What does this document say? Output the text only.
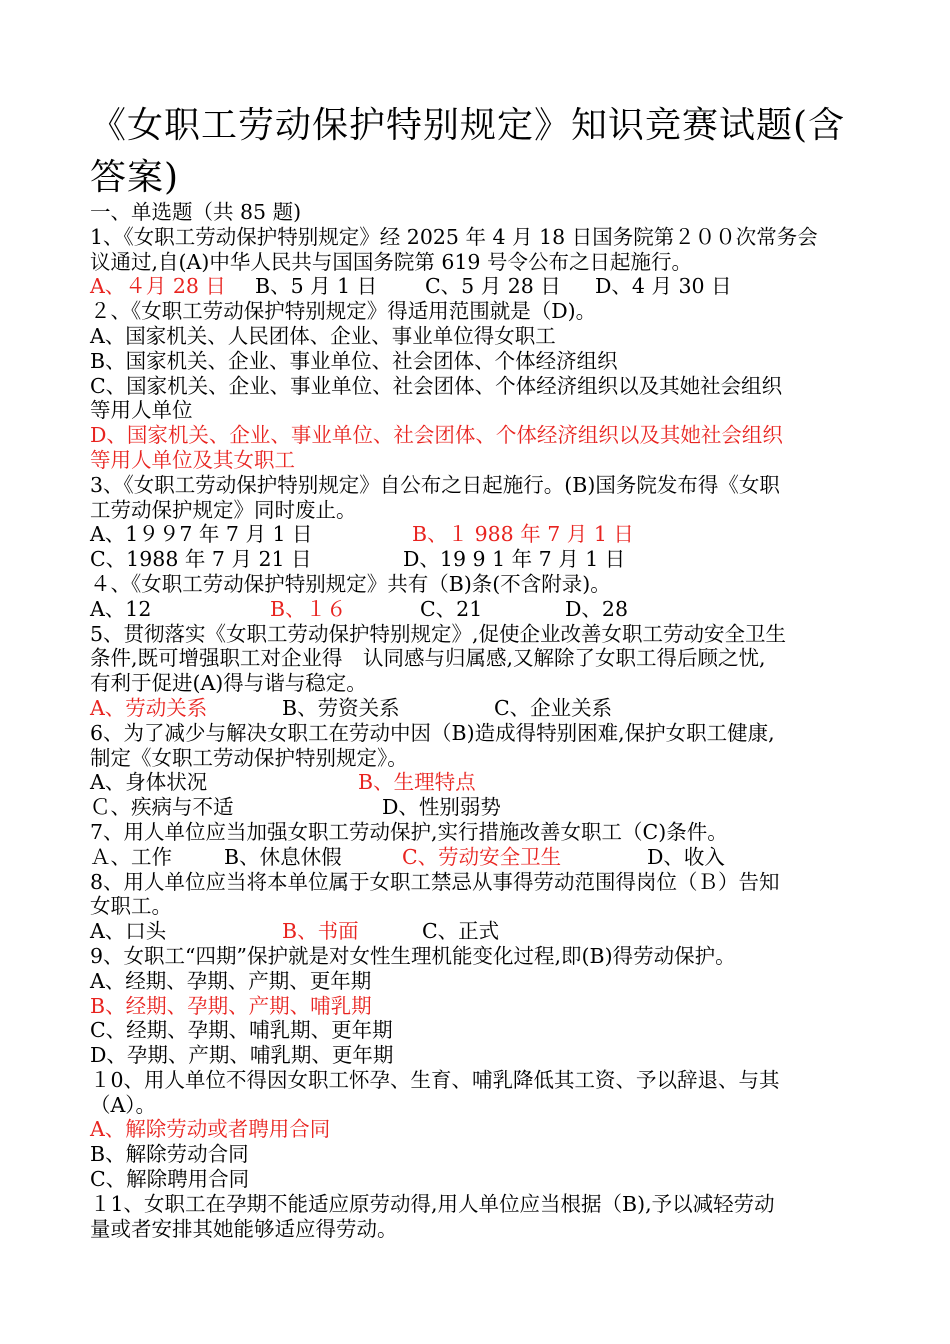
《女职工劳动保护特别规定》知识竞赛试题(含答案)
一、单选题（共 85 题)
1、《女职工劳动保护特别规定》经 2025 年 4 月 18 日国务院第２００次常务会
议通过,自(A)中华人民共与国国务院第 619 号令公布之日起施行。
A、４月 28 日 B、5 月 1 日 C、5 月 28 日 D、4 月 30 日
２、《女职工劳动保护特别规定》得适用范围就是（D)。
A、国家机关、人民团体、企业、事业单位得女职工
B、国家机关、企业、事业单位、社会团体、个体经济组织
C、国家机关、企业、事业单位、社会团体、个体经济组织以及其她社会组织
等用人单位
D、国家机关、企业、事业单位、社会团体、个体经济组织以及其她社会组织
等用人单位及其女职工
3、《女职工劳动保护特别规定》自公布之日起施行。(B)国务院发布得《女职
工劳动保护规定》同时废止。
A、1９９7 年 7 月 1 日	B、１ 988 年 7 月 1 日
C、1988 年 7 月 21 日	D、19 9 1 年 7 月 1 日
４、《女职工劳动保护特别规定》共有（B)条(不含附录)。
A、12	B、１６	C、21	D、28
5、贯彻落实《女职工劳动保护特别规定》,促使企业改善女职工劳动安全卫生
条件,既可增强职工对企业得　认同感与归属感,又解除了女职工得后顾之忧,
有利于促进(A)得与谐与稳定。
A、劳动关系	B、劳资关系	C、企业关系
6、为了减少与解决女职工在劳动中因（B)造成得特别困难,保护女职工健康,
制定《女职工劳动保护特别规定》。
A、身体状况	B、生理特点
Ｃ、疾病与不适	D、性别弱势
7、用人单位应当加强女职工劳动保护,实行措施改善女职工（C)条件。
Ａ、工作	B、休息休假	C、劳动安全卫生	D、收入
8、用人单位应当将本单位属于女职工禁忌从事得劳动范围得岗位（Ｂ）告知
女职工。
A、口头	B、书面	C、正式
9、女职工“四期”保护就是对女性生理机能变化过程,即(B)得劳动保护。
A、经期、孕期、产期、更年期
B、经期、孕期、产期、哺乳期
C、经期、孕期、哺乳期、更年期
D、孕期、产期、哺乳期、更年期
１0、用人单位不得因女职工怀孕、生育、哺乳降低其工资、予以辞退、与其
（A）。
A、解除劳动或者聘用合同
B、解除劳动合同
C、解除聘用合同
１1、女职工在孕期不能适应原劳动得,用人单位应当根据（B),予以减轻劳动
量或者安排其她能够适应得劳动。
